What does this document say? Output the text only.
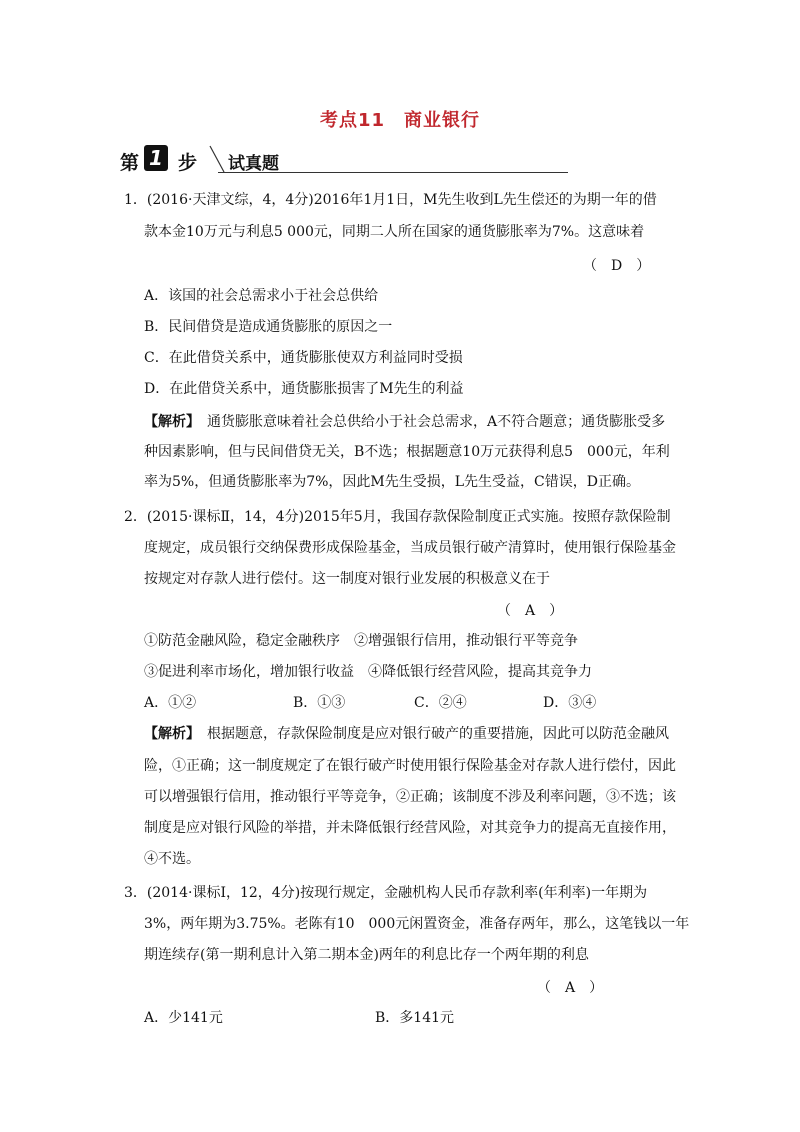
考点11　商业银行
第 1 步 试真题
1．(2016·天津文综，4，4分)2016年1月1日，M先生收到L先生偿还的为期一年的借
款本金10万元与利息5 000元，同期二人所在国家的通货膨胀率为7%。这意味着
（　D　）
A．该国的社会总需求小于社会总供给
B．民间借贷是造成通货膨胀的原因之一
C．在此借贷关系中，通货膨胀使双方利益同时受损
D．在此借贷关系中，通货膨胀损害了M先生的利益
【解析】　通货膨胀意味着社会总供给小于社会总需求，A不符合题意；通货膨胀受多
种因素影响，但与民间借贷无关，B不选；根据题意10万元获得利息5　000元，年利
率为5%，但通货膨胀率为7%，因此M先生受损，L先生受益，C错误，D正确。
2．(2015·课标Ⅱ，14，4分)2015年5月，我国存款保险制度正式实施。按照存款保险制
度规定，成员银行交纳保费形成保险基金，当成员银行破产清算时，使用银行保险基金
按规定对存款人进行偿付。这一制度对银行业发展的积极意义在于
（　A　）
①防范金融风险，稳定金融秩序　②增强银行信用，推动银行平等竞争
③促进利率市场化，增加银行收益　④降低银行经营风险，提高其竞争力
A．①②	B．①③	C．②④	D．③④
【解析】　根据题意，存款保险制度是应对银行破产的重要措施，因此可以防范金融风
险，①正确；这一制度规定了在银行破产时使用银行保险基金对存款人进行偿付，因此
可以增强银行信用，推动银行平等竞争，②正确；该制度不涉及利率问题，③不选；该
制度是应对银行风险的举措，并未降低银行经营风险，对其竞争力的提高无直接作用，
④不选。
3．(2014·课标Ⅰ，12，4分)按现行规定，金融机构人民币存款利率(年利率)一年期为
3%，两年期为3.75%。老陈有10　000元闲置资金，准备存两年，那么，这笔钱以一年
期连续存(第一期利息计入第二期本金)两年的利息比存一个两年期的利息
（　A　）
A．少141元	B．多141元
